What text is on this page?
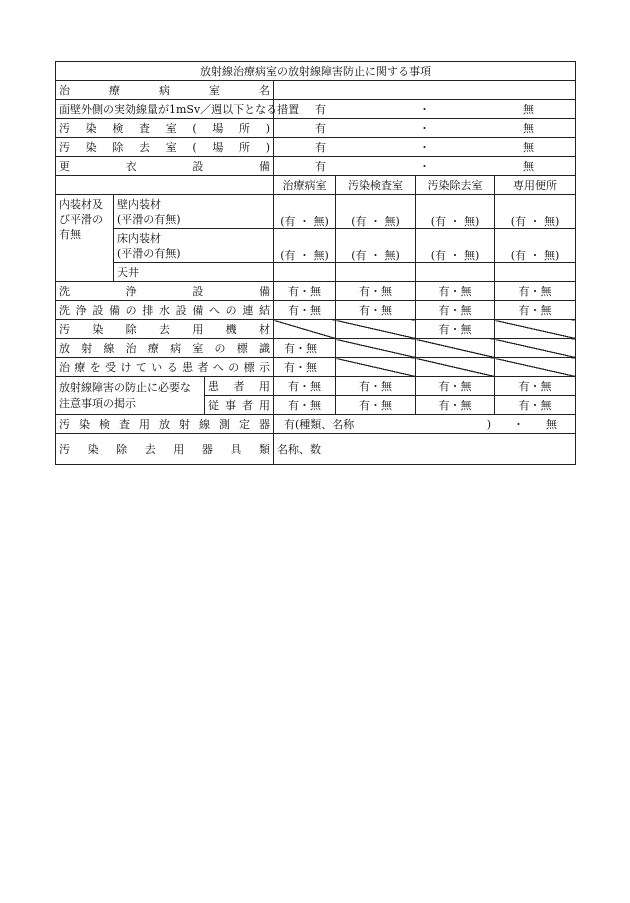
放射線治療病室の放射線障害防止に関する事項						
治療病室名						
面壁外側の実効線量が1mSv／週以下となる措置			有 ・ 無			

汚染検査室(場所)			有 ・ 無			

汚染除去室(場所)			有 ・ 無			

更衣設備			有 ・ 無			

			治療病室	汚染検査室	汚染除去室	専用便所
内装材及び平滑の有無	壁内装材
(平滑の有無)		(有 ・ 無)	(有 ・ 無)	(有 ・ 無)	(有 ・ 無)

	床内装材
(平滑の有無)		(有 ・ 無)	(有 ・ 無)	(有 ・ 無)	(有 ・ 無)
	天井					
洗浄設備			有・無	有・無	有・無	有・無
洗浄設備の排水設備への連結			有・無	有・無	有・無	有・無
汚染除去用機材					有・無	
放射線治療病室の標識			有・無			
治療を受けている患者への標示			有・無			
放射線障害の防止に必要な注意事項の掲示		患者用	有・無	有・無	有・無	有・無
		従事者用	有・無	有・無	有・無	有・無
汚染検査用放射線測定器			有(種類、名称 ) ・ 無			

汚染除去用器具類			名称、数			
